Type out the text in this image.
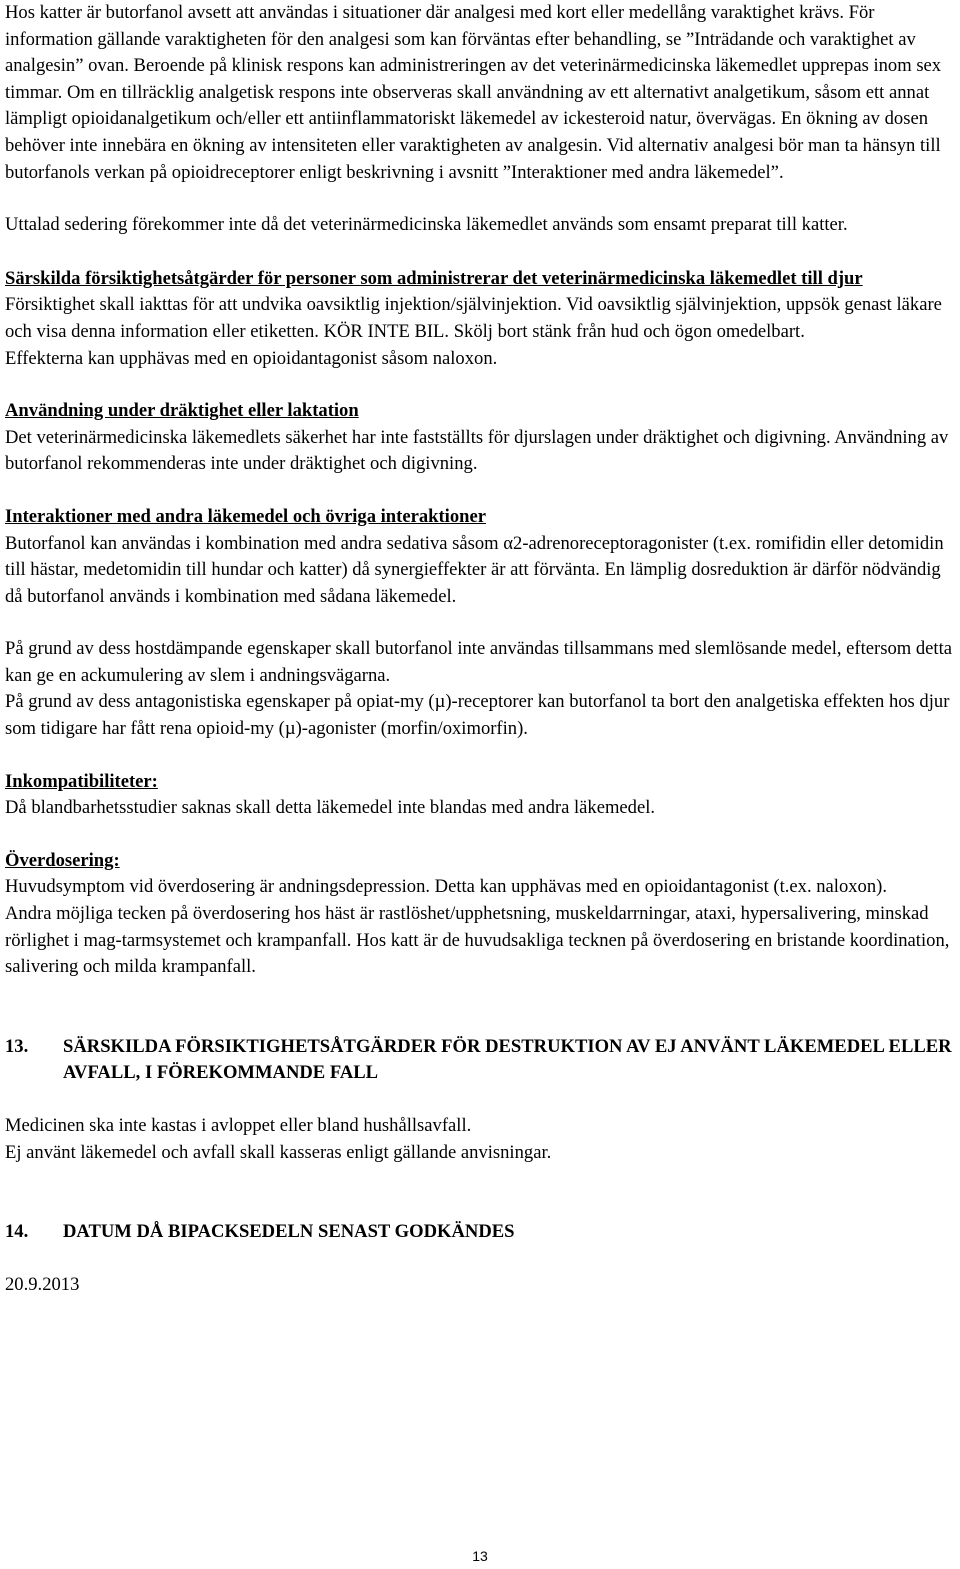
Hos katter är butorfanol avsett att användas i situationer där analgesi med kort eller medellång varaktighet krävs. För information gällande varaktigheten för den analgesi som kan förväntas efter behandling, se ”Inträdande och varaktighet av analgesin” ovan. Beroende på klinisk respons kan administreringen av det veterinärmedicinska läkemedlet upprepas inom sex timmar. Om en tillräcklig analgetisk respons inte observeras skall användning av ett alternativt analgetikum, såsom ett annat lämpligt opioidanalgetikum och/eller ett antiinflammatoriskt läkemedel av ickesteroid natur, övervägas. En ökning av dosen behöver inte innebära en ökning av intensiteten eller varaktigheten av analgesin. Vid alternativ analgesi bör man ta hänsyn till butorfanols verkan på opioidreceptorer enligt beskrivning i avsnitt ”Interaktioner med andra läkemedel”.

Uttalad sedering förekommer inte då det veterinärmedicinska läkemedlet används som ensamt preparat till katter.

Särskilda försiktighetsåtgärder för personer som administrerar det veterinärmedicinska läkemedlet till djur

Försiktighet skall iakttas för att undvika oavsiktlig injektion/självinjektion. Vid oavsiktlig självinjektion, uppsök genast läkare och visa denna information eller etiketten. KÖR INTE BIL. Skölj bort stänk från hud och ögon omedelbart.

Effekterna kan upphävas med en opioidantagonist såsom naloxon.

Användning under dräktighet eller laktation

Det veterinärmedicinska läkemedlets säkerhet har inte fastställts för djurslagen under dräktighet och digivning. Användning av butorfanol rekommenderas inte under dräktighet och digivning.

Interaktioner med andra läkemedel och övriga interaktioner

Butorfanol kan användas i kombination med andra sedativa såsom α2-adrenoreceptoragonister (t.ex. romifidin eller detomidin till hästar, medetomidin till hundar och katter) då synergieffekter är att förvänta. En lämplig dosreduktion är därför nödvändig då butorfanol används i kombination med sådana läkemedel.

På grund av dess hostdämpande egenskaper skall butorfanol inte användas tillsammans med slemlösande medel, eftersom detta kan ge en ackumulering av slem i andningsvägarna.

På grund av dess antagonistiska egenskaper på opiat-my (µ)-receptorer kan butorfanol ta bort den analgetiska effekten hos djur som tidigare har fått rena opioid-my (µ)-agonister (morfin/oximorfin).

Inkompatibiliteter:

Då blandbarhetsstudier saknas skall detta läkemedel inte blandas med andra läkemedel.

Överdosering:

Huvudsymptom vid överdosering är andningsdepression. Detta kan upphävas med en opioidantagonist (t.ex. naloxon).

Andra möjliga tecken på överdosering hos häst är rastlöshet/upphetsning, muskeldarrningar, ataxi, hypersalivering, minskad rörlighet i mag-tarmsystemet och krampanfall. Hos katt är de huvudsakliga tecknen på överdosering en bristande koordination, salivering och milda krampanfall.

13.	SÄRSKILDA FÖRSIKTIGHETSÅTGÄRDER FÖR DESTRUKTION AV EJ ANVÄNT LÄKEMEDEL ELLER AVFALL, I FÖREKOMMANDE FALL

Medicinen ska inte kastas i avloppet eller bland hushållsavfall.

Ej använt läkemedel och avfall skall kasseras enligt gällande anvisningar.

14.	DATUM DÅ BIPACKSEDELN SENAST GODKÄNDES

20.9.2013

13
